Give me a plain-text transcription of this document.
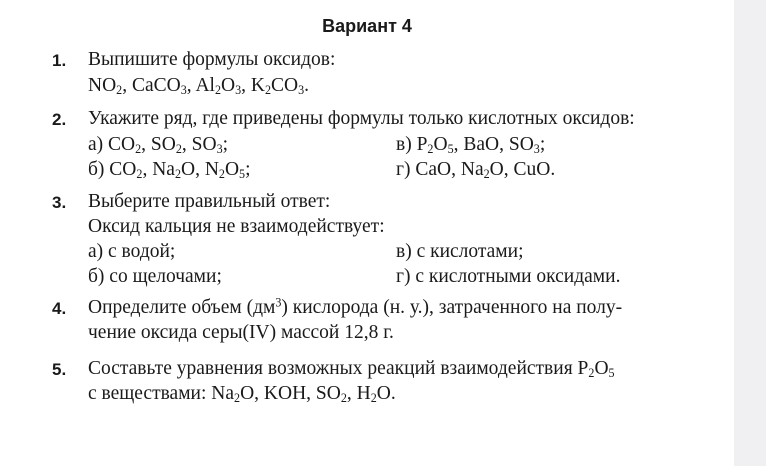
Вариант 4
1. Выпишите формулы оксидов:
$NO_2$, CaCO$_3$, $Al_2O_3$, $K_2CO_3$.
2. Укажите ряд, где приведены формулы только кислотных оксидов:
а) $CO_2$, $SO_2$, $SO_3$;	в) $P_2O_5$, BaO, $SO_3$;
б) $CO_2$, $Na_2O$, $N_2O_5$;	г) CaO, $Na_2O$, CuO.
3. Выберите правильный ответ:
Оксид кальция не взаимодействует:
а) с водой;	в) с кислотами;
б) со щелочами;	г) с кислотными оксидами.
4. Определите объем $(дм^3)$ кислорода (н. у.), затраченного на полу-
чение оксида серы(IV) массой 12,8 г.
5. Составьте уравнения возможных реакций взаимодействия $P_2O_5$
с веществами: $Na_2O$, KOH, $SO_2$, $H_2O$.
